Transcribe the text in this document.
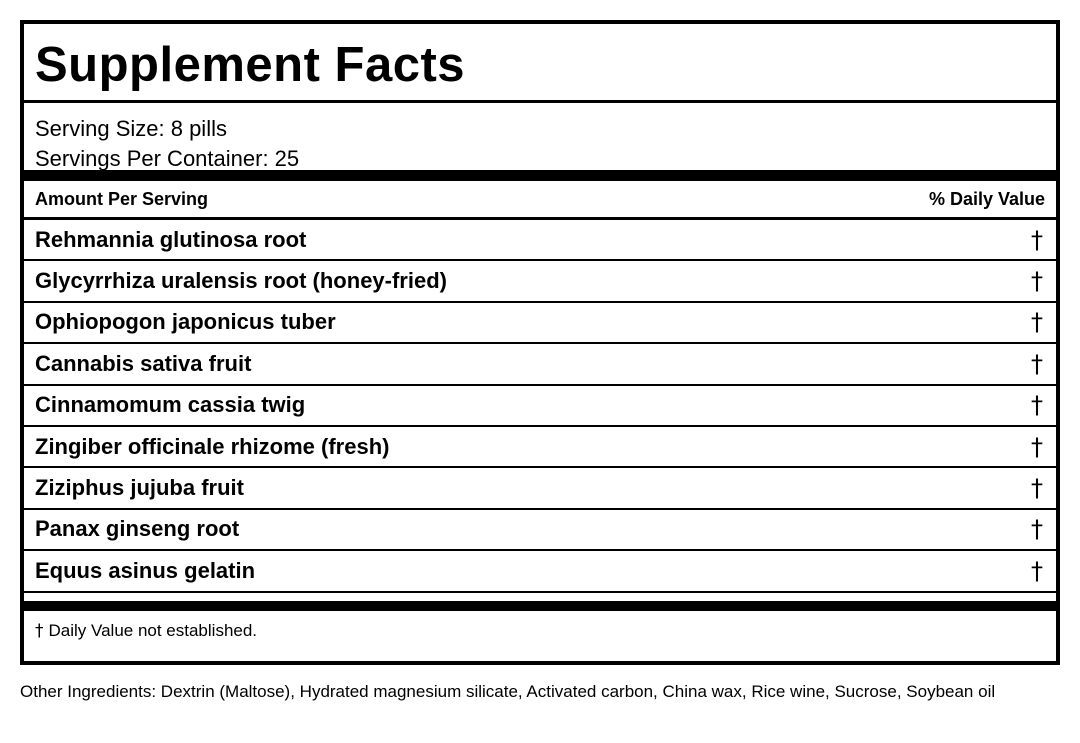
Supplement Facts
Serving Size: 8 pills
Servings Per Container: 25
Amount Per Serving	% Daily Value
Rehmannia glutinosa root	†
Glycyrrhiza uralensis root (honey-fried)	†
Ophiopogon japonicus tuber	†
Cannabis sativa fruit	†
Cinnamomum cassia twig	†
Zingiber officinale rhizome (fresh)	†
Ziziphus jujuba fruit	†
Panax ginseng root	†
Equus asinus gelatin	†
† Daily Value not established.
Other Ingredients: Dextrin (Maltose), Hydrated magnesium silicate, Activated carbon, China wax, Rice wine, Sucrose, Soybean oil
